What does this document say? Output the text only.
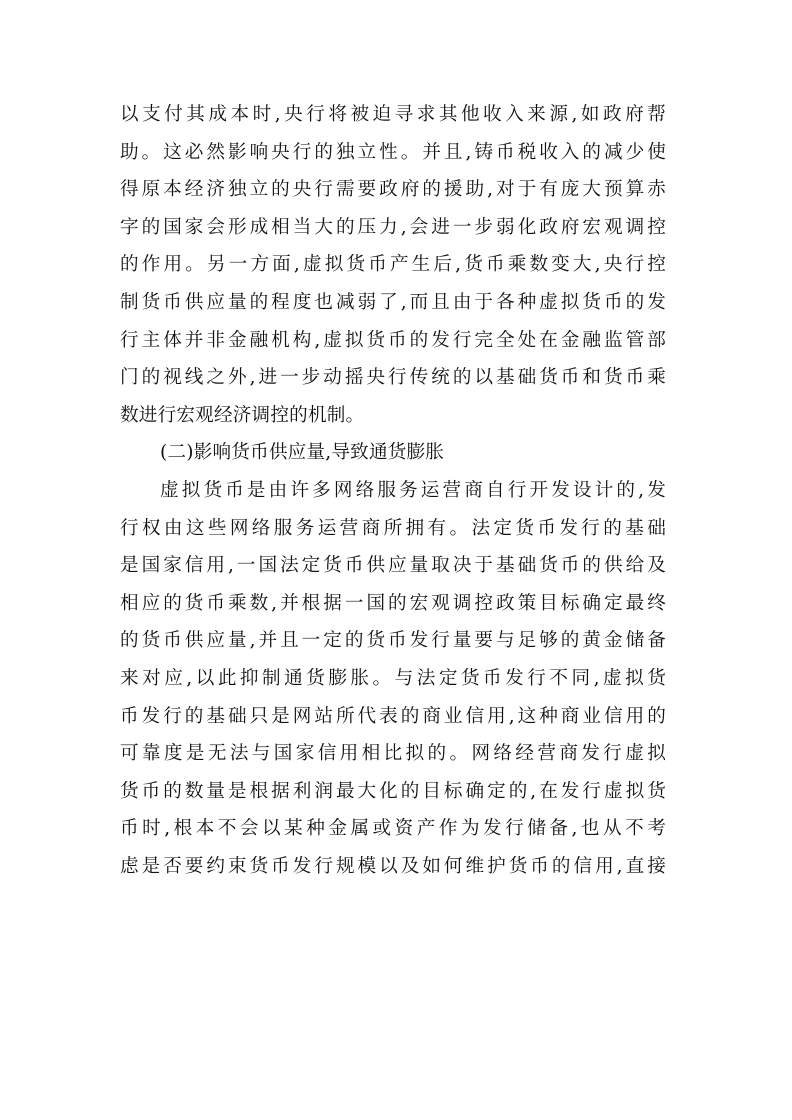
以支付其成本时,央行将被迫寻求其他收入来源,如政府帮
助。这必然影响央行的独立性。并且,铸币税收入的减少使
得原本经济独立的央行需要政府的援助,对于有庞大预算赤
字的国家会形成相当大的压力,会进一步弱化政府宏观调控
的作用。另一方面,虚拟货币产生后,货币乘数变大,央行控
制货币供应量的程度也减弱了,而且由于各种虚拟货币的发
行主体并非金融机构,虚拟货币的发行完全处在金融监管部
门的视线之外,进一步动摇央行传统的以基础货币和货币乘
数进行宏观经济调控的机制。
(二)影响货币供应量,导致通货膨胀
虚拟货币是由许多网络服务运营商自行开发设计的,发
行权由这些网络服务运营商所拥有。法定货币发行的基础
是国家信用,一国法定货币供应量取决于基础货币的供给及
相应的货币乘数,并根据一国的宏观调控政策目标确定最终
的货币供应量,并且一定的货币发行量要与足够的黄金储备
来对应,以此抑制通货膨胀。与法定货币发行不同,虚拟货
币发行的基础只是网站所代表的商业信用,这种商业信用的
可靠度是无法与国家信用相比拟的。网络经营商发行虚拟
货币的数量是根据利润最大化的目标确定的,在发行虚拟货
币时,根本不会以某种金属或资产作为发行储备,也从不考
虑是否要约束货币发行规模以及如何维护货币的信用,直接
